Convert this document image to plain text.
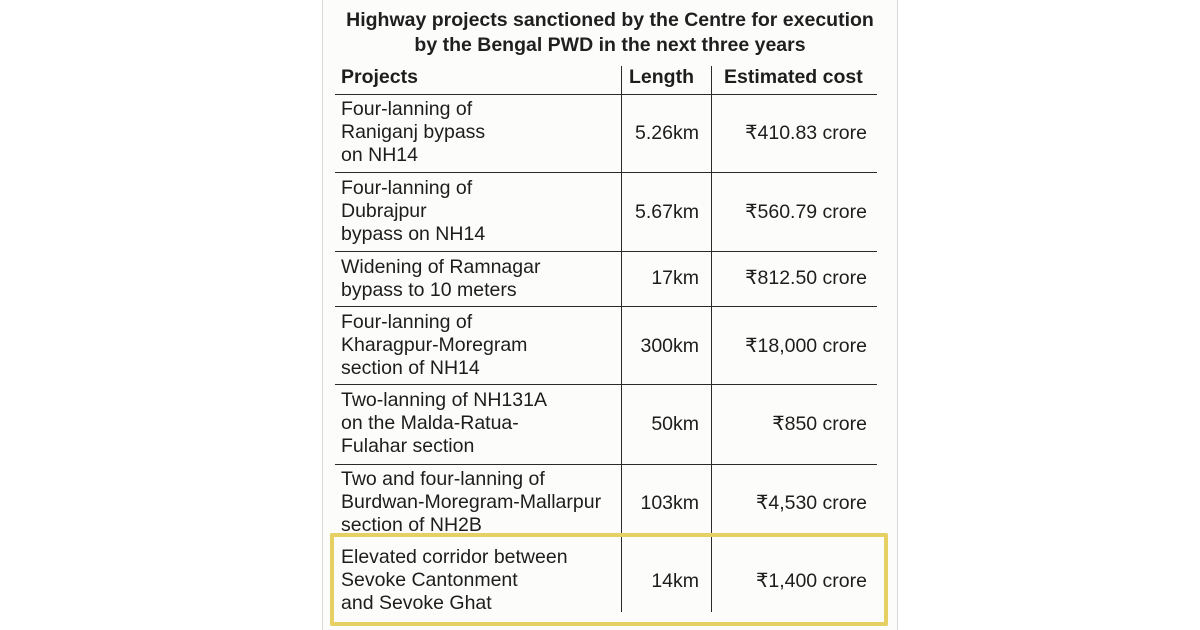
Highway projects sanctioned by the Centre for execution
by the Bengal PWD in the next three years
Projects	Length Estimated cost
Four-lanning of
Raniganj bypass
on NH14
5.26km	₹410.83 crore
Four-lanning of
Dubrajpur
bypass on NH14
5.67km	₹560.79 crore
Widening of Ramnagar
bypass to 10 meters
17km	₹812.50 crore
Four-lanning of
Kharagpur-Moregram
section of NH14
300km	₹18,000 crore
Two-lanning of NH131A
on the Malda-Ratua-
Fulahar section
50km	₹850 crore
Two and four-lanning of
Burdwan-Moregram-Mallarpur
section of NH2B
103km	₹4,530 crore
Elevated corridor between
Sevoke Cantonment
and Sevoke Ghat
14km	₹1,400 crore
